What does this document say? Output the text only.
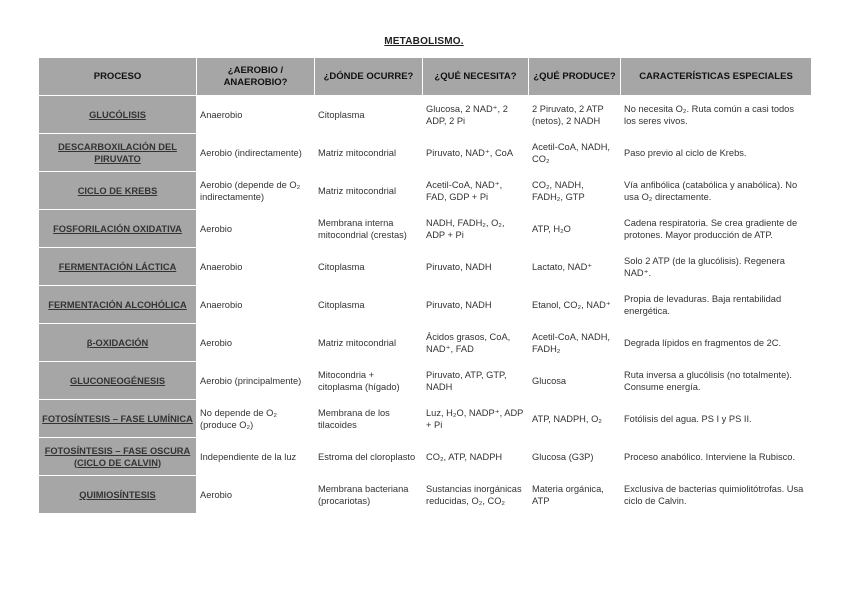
METABOLISMO.
PROCESO	¿AEROBIO / ANAEROBIO?	¿DÓNDE OCURRE?	¿QUÉ NECESITA?	¿QUÉ PRODUCE?	CARACTERÍSTICAS ESPECIALES
GLUCÓLISIS	Anaerobio	Citoplasma	Glucosa, 2 NAD⁺, 2 ADP, 2 Pi	2 Piruvato, 2 ATP (netos), 2 NADH	No necesita O₂. Ruta común a casi todos los seres vivos.
DESCARBOXILACIÓN DEL PIRUVATO	Aerobio (indirectamente)	Matriz mitocondrial	Piruvato, NAD⁺, CoA	Acetil-CoA, NADH, CO₂	Paso previo al ciclo de Krebs.
CICLO DE KREBS	Aerobio (depende de O₂ indirectamente)	Matriz mitocondrial	Acetil-CoA, NAD⁺, FAD, GDP + Pi	CO₂, NADH, FADH₂, GTP	Vía anfibólica (catabólica y anabólica). No usa O₂ directamente.
FOSFORILACIÓN OXIDATIVA	Aerobio	Membrana interna mitocondrial (crestas)	NADH, FADH₂, O₂, ADP + Pi	ATP, H₂O	Cadena respiratoria. Se crea gradiente de protones. Mayor producción de ATP.
FERMENTACIÓN LÁCTICA	Anaerobio	Citoplasma	Piruvato, NADH	Lactato, NAD⁺	Solo 2 ATP (de la glucólisis). Regenera NAD⁺.
FERMENTACIÓN ALCOHÓLICA	Anaerobio	Citoplasma	Piruvato, NADH	Etanol, CO₂, NAD⁺	Propia de levaduras. Baja rentabilidad energética.
β-OXIDACIÓN	Aerobio	Matriz mitocondrial	Ácidos grasos, CoA, NAD⁺, FAD	Acetil-CoA, NADH, FADH₂	Degrada lípidos en fragmentos de 2C.
GLUCONEOGÉNESIS	Aerobio (principalmente)	Mitocondria + citoplasma (hígado)	Piruvato, ATP, GTP, NADH	Glucosa	Ruta inversa a glucólisis (no totalmente). Consume energía.
FOTOSÍNTESIS – FASE LUMÍNICA	No depende de O₂ (produce O₂)	Membrana de los tilacoides	Luz, H₂O, NADP⁺, ADP + Pi	ATP, NADPH, O₂	Fotólisis del agua. PS I y PS II.
FOTOSÍNTESIS – FASE OSCURA (CICLO DE CALVIN)	Independiente de la luz	Estroma del cloroplasto	CO₂, ATP, NADPH	Glucosa (G3P)	Proceso anabólico. Interviene la Rubisco.
QUIMIOSÍNTESIS	Aerobio	Membrana bacteriana (procariotas)	Sustancias inorgánicas reducidas, O₂, CO₂	Materia orgánica, ATP	Exclusiva de bacterias quimiolitótrofas. Usa ciclo de Calvin.
